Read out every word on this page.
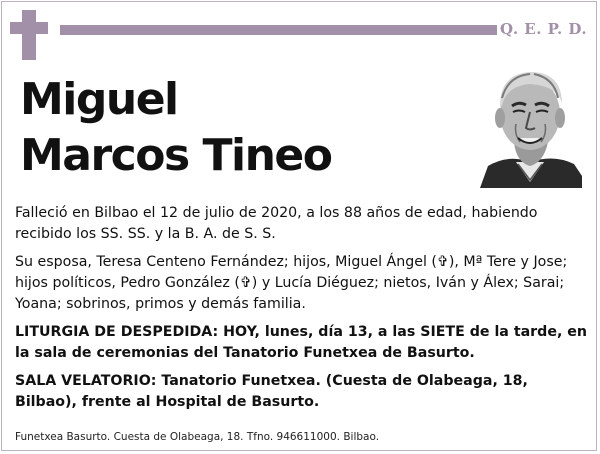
Q. E. P. D.
Miguel
Marcos Tineo

Falleció en Bilbao el 12 de julio de 2020, a los 88 años de edad, habiendo recibido los SS. SS. y la B. A. de S. S.

Su esposa, Teresa Centeno Fernández; hijos, Miguel Ángel (✞), Mª Tere y Jose; hijos políticos, Pedro González (✞) y Lucía Diéguez; nietos, Iván y Álex; Sarai; Yoana; sobrinos, primos y demás familia.

LITURGIA DE DESPEDIDA: HOY, lunes, día 13, a las SIETE de la tarde, en la sala de ceremonias del Tanatorio Funetxea de Basurto.

SALA VELATORIO: Tanatorio Funetxea. (Cuesta de Olabeaga, 18, Bilbao), frente al Hospital de Basurto.

Funetxea Basurto. Cuesta de Olabeaga, 18. Tfno. 946611000. Bilbao.
